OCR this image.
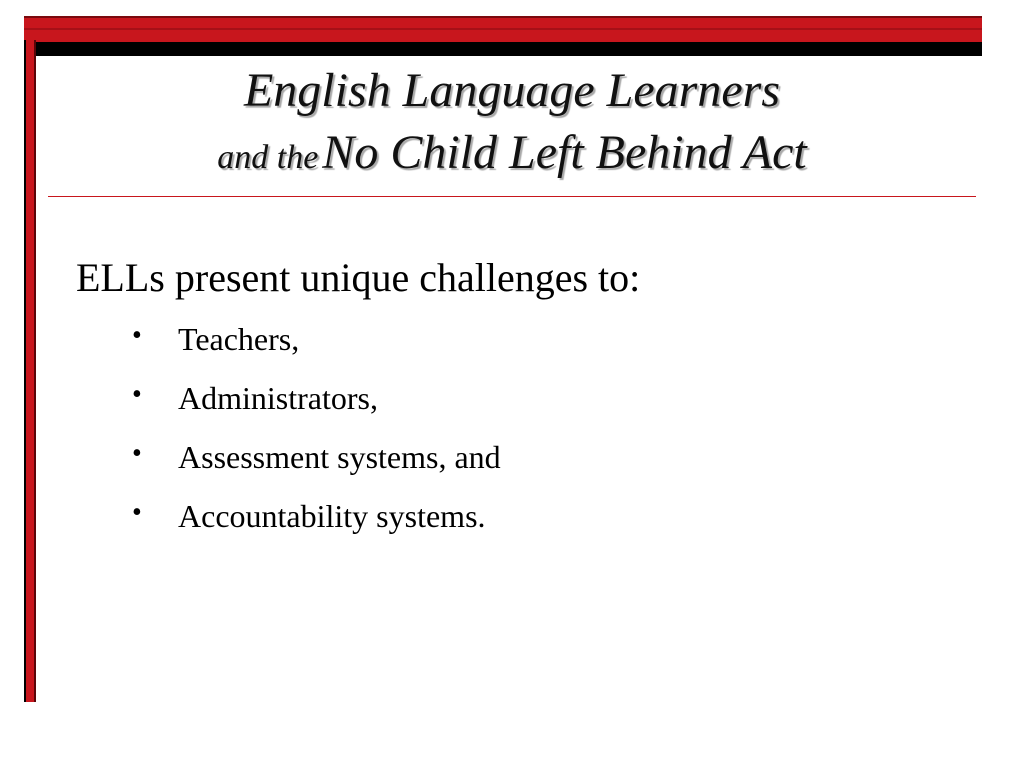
English Language Learners
and the No Child Left Behind Act

ELLs present unique challenges to:

• Teachers,
• Administrators,
• Assessment systems, and
• Accountability systems.
